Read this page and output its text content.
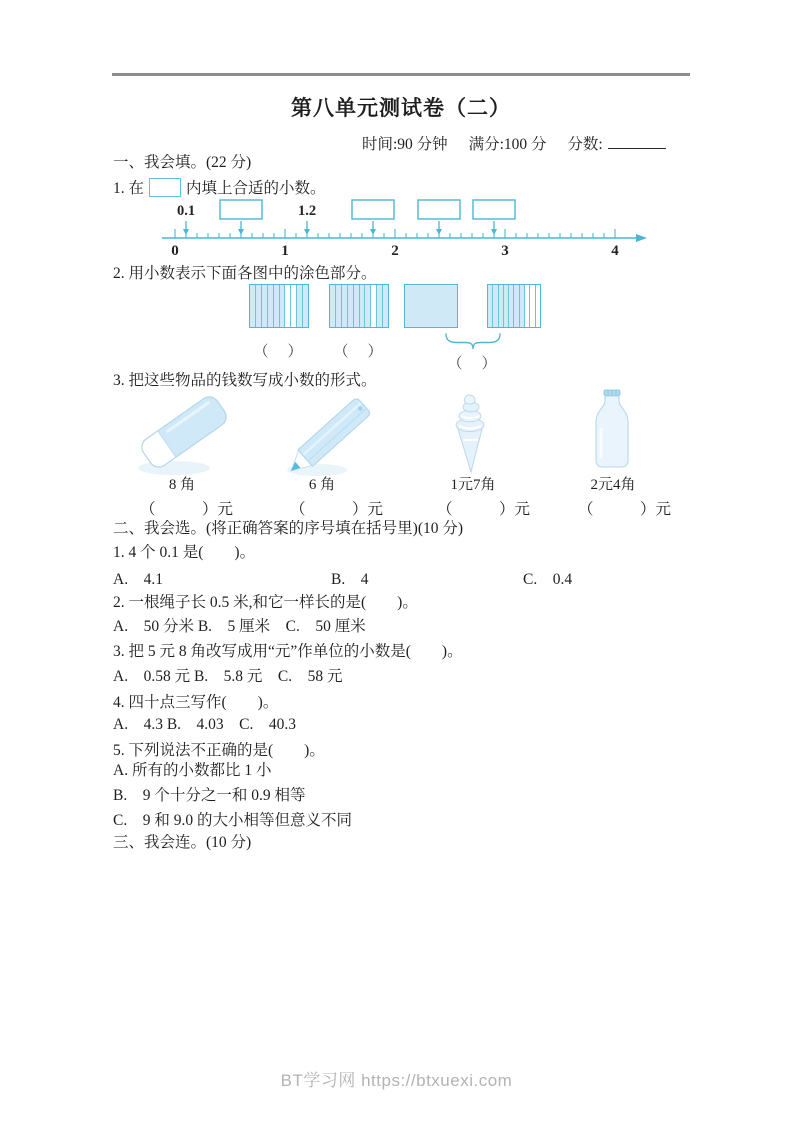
第八单元测试卷（二）
时间:90 分钟 满分:100 分 分数:
一、我会填。(22 分)
1. 在	内填上合适的小数。
0	1	2	3	4
0.1	1.2
2. 用小数表示下面各图中的涂色部分。
（　）	（　）
（　）
3. 把这些物品的钱数写成小数的形式。
8 角	6 角	1元7角	2元4角
（　　　）元	（　　　）元	（　　　）元	（　　　）元
二、我会选。(将正确答案的序号填在括号里)(10 分)
1. 4 个 0.1 是(　　)。
A.　4.1	B.　4	C.　0.4
2. 一根绳子长 0.5 米,和它一样长的是(　　)。
A.　50 分米 B.　5 厘米　C.　50 厘米
3. 把 5 元 8 角改写成用“元”作单位的小数是(　　)。
A.　0.58 元 B.　5.8 元　C.　58 元
4. 四十点三写作(　　)。
A.　4.3 B.　4.03　C.　40.3
5. 下列说法不正确的是(　　)。
A. 所有的小数都比 1 小
B.　9 个十分之一和 0.9 相等
C.　9 和 9.0 的大小相等但意义不同
三、我会连。(10 分)
BT学习网 https://btxuexi.com
